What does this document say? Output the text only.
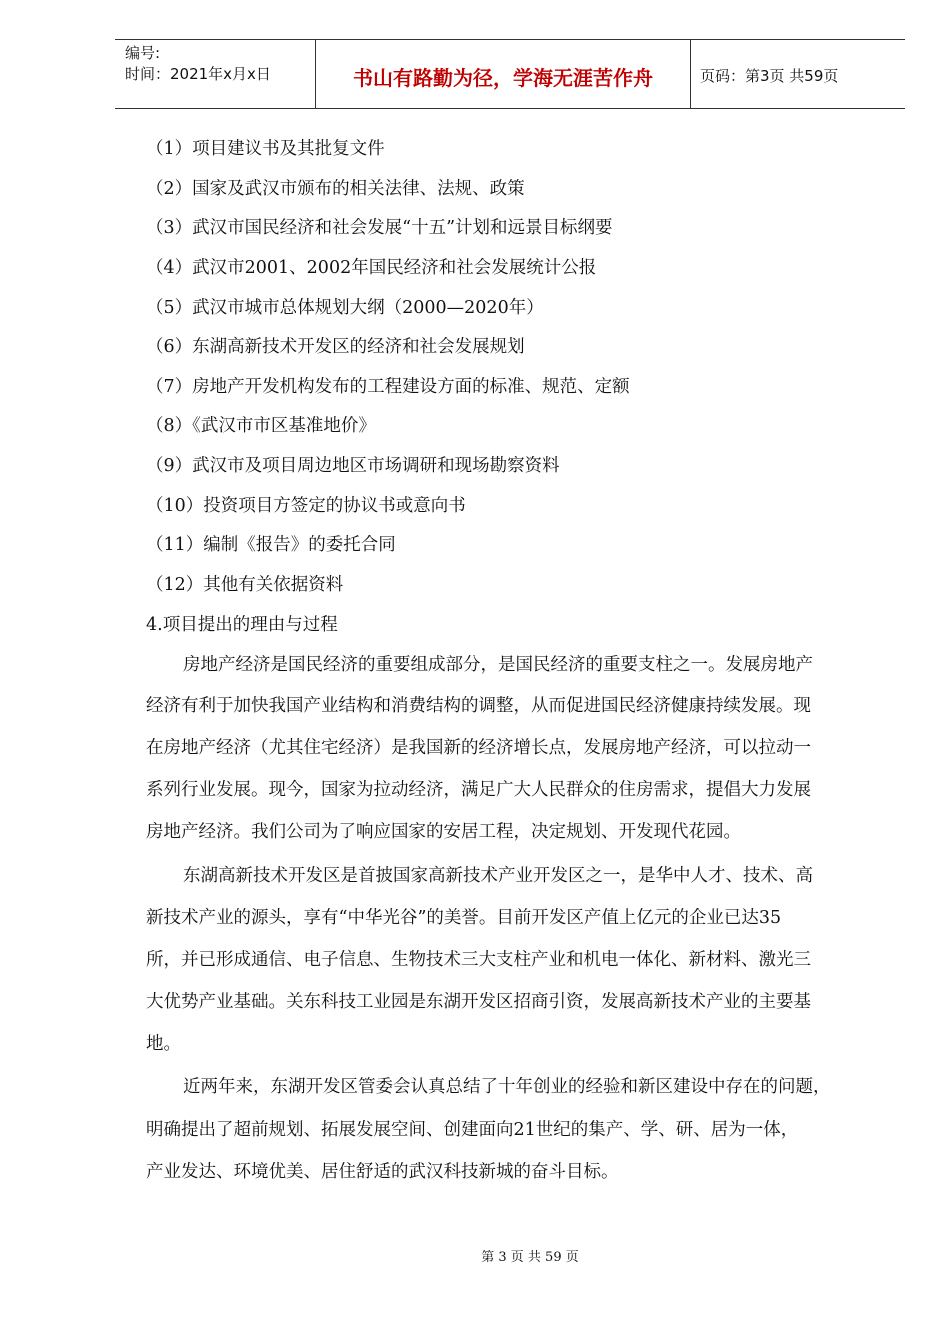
编号:
时间：2021年x月x日	书山有路勤为径，学海无涯苦作舟	页码：第3页 共59页
（1）项目建议书及其批复文件
（2）国家及武汉市颁布的相关法律、法规、政策
（3）武汉市国民经济和社会发展“十五”计划和远景目标纲要
（4）武汉市2001、2002年国民经济和社会发展统计公报
（5）武汉市城市总体规划大纲（2000—2020年）
（6）东湖高新技术开发区的经济和社会发展规划
（7）房地产开发机构发布的工程建设方面的标准、规范、定额
（8）《武汉市市区基准地价》
（9）武汉市及项目周边地区市场调研和现场勘察资料
（10）投资项目方签定的协议书或意向书
（11）编制《报告》的委托合同
（12）其他有关依据资料
4.项目提出的理由与过程
房地产经济是国民经济的重要组成部分，是国民经济的重要支柱之一。发展房地产
经济有利于加快我国产业结构和消费结构的调整，从而促进国民经济健康持续发展。现
在房地产经济（尤其住宅经济）是我国新的经济增长点，发展房地产经济，可以拉动一
系列行业发展。现今，国家为拉动经济，满足广大人民群众的住房需求，提倡大力发展
房地产经济。我们公司为了响应国家的安居工程，决定规划、开发现代花园。
东湖高新技术开发区是首披国家高新技术产业开发区之一，是华中人才、技术、高
新技术产业的源头，享有“中华光谷”的美誉。目前开发区产值上亿元的企业已达35
所，并已形成通信、电子信息、生物技术三大支柱产业和机电一体化、新材料、激光三
大优势产业基础。关东科技工业园是东湖开发区招商引资，发展高新技术产业的主要基
地。
近两年来，东湖开发区管委会认真总结了十年创业的经验和新区建设中存在的问题，
明确提出了超前规划、拓展发展空间、创建面向21世纪的集产、学、研、居为一体，
产业发达、环境优美、居住舒适的武汉科技新城的奋斗目标。
第 3 页 共 59 页
